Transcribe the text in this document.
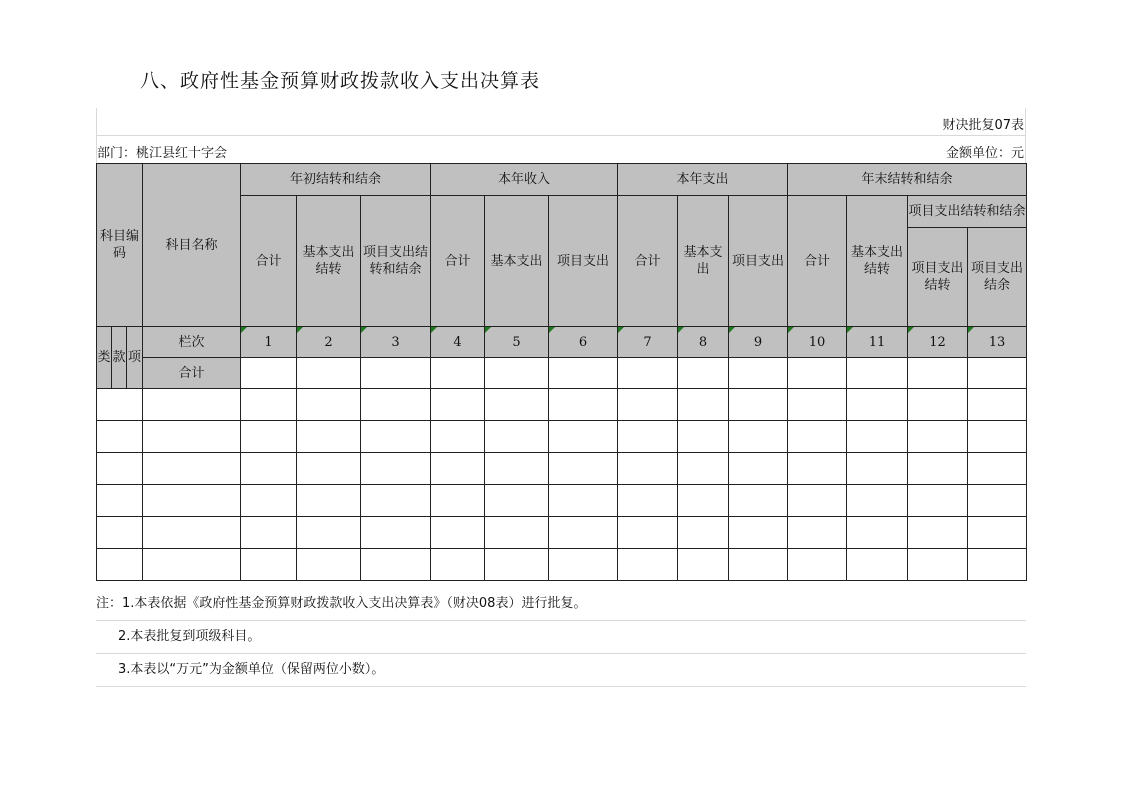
八、政府性基金预算财政拨款收入支出决算表
财决批复07表
部门：桃江县红十字会	金额单位：元
科目编码			科目名称	年初结转和结余			本年收入			本年支出			年末结转和结余			
				合计	基本支出结转	项目支出结转和结余	合计	基本支出	项目支出	合计	基本支出	项目支出	合计	基本支出结转	项目支出结转和结余	
															项目支出结转	项目支出结余
类	款	项	栏次	1	2	3	4	5	6	7	8	9	10	11	12	13
			合计													

注：1.本表依据《政府性基金预算财政拨款收入支出决算表》（财决08表）进行批复。
2.本表批复到项级科目。
3.本表以“万元”为金额单位（保留两位小数）。
